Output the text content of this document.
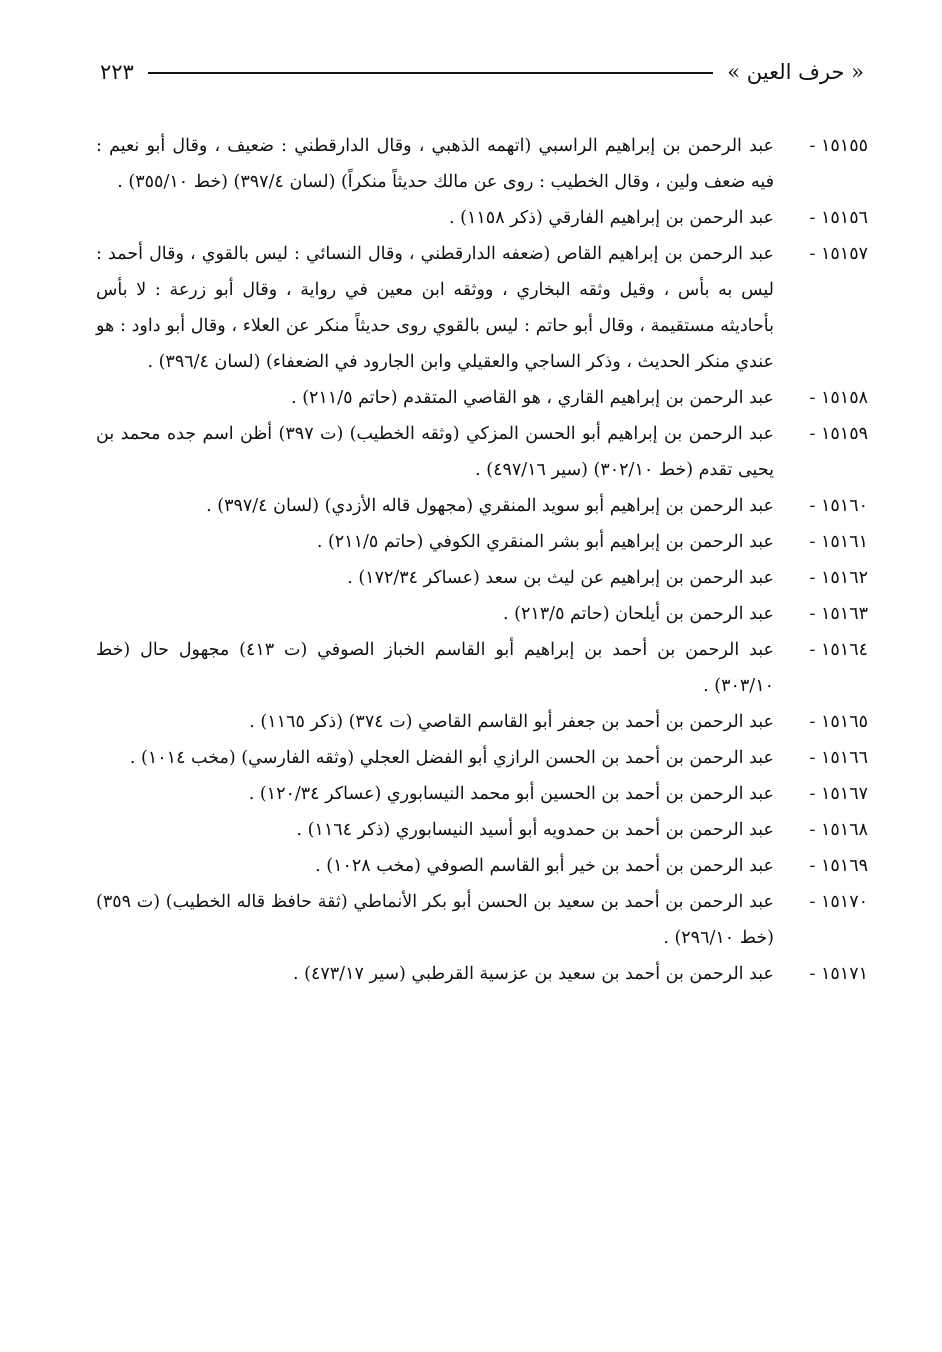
« حرف العين »
٢٢٣
١٥١٥٥ -
عبد الرحمن بن إبراهيم الراسبي (اتهمه الذهبي ، وقال الدارقطني : ضعيف ، وقال أبو نعيم : فيه ضعف ولين ، وقال الخطيب : روى عن مالك حديثاً منكراً) (لسان ٣٩٧/٤) (خط ٣٥٥/١٠) .
١٥١٥٦ -
عبد الرحمن بن إبراهيم الفارقي (ذكر ١١٥٨) .
١٥١٥٧ -
عبد الرحمن بن إبراهيم القاص (ضعفه الدارقطني ، وقال النسائي : ليس بالقوي ، وقال أحمد : ليس به بأس ، وقيل وثقه البخاري ، ووثقه ابن معين في رواية ، وقال أبو زرعة : لا بأس بأحاديثه مستقيمة ، وقال أبو حاتم : ليس بالقوي روى حديثاً منكر عن العلاء ، وقال أبو داود : هو عندي منكر الحديث ، وذكر الساجي والعقيلي وابن الجارود في الضعفاء) (لسان ٣٩٦/٤) .
١٥١٥٨ -
عبد الرحمن بن إبراهيم القاري ، هو القاصي المتقدم (حاتم ٢١١/٥) .
١٥١٥٩ -
عبد الرحمن بن إبراهيم أبو الحسن المزكي (وثقه الخطيب) (ت ٣٩٧) أظن اسم جده محمد بن يحيى تقدم (خط ٣٠٢/١٠) (سير ٤٩٧/١٦) .
١٥١٦٠ -
عبد الرحمن بن إبراهيم أبو سويد المنقري (مجهول قاله الأزدي) (لسان ٣٩٧/٤) .
١٥١٦١ -
عبد الرحمن بن إبراهيم أبو بشر المنقري الكوفي (حاتم ٢١١/٥) .
١٥١٦٢ -
عبد الرحمن بن إبراهيم عن ليث بن سعد (عساكر ١٧٢/٣٤) .
١٥١٦٣ -
عبد الرحمن بن أيلحان (حاتم ٢١٣/٥) .
١٥١٦٤ -
عبد الرحمن بن أحمد بن إبراهيم أبو القاسم الخباز الصوفي (ت ٤١٣) مجهول حال (خط ٣٠٣/١٠) .
١٥١٦٥ -
عبد الرحمن بن أحمد بن جعفر أبو القاسم القاصي (ت ٣٧٤) (ذكر ١١٦٥) .
١٥١٦٦ -
عبد الرحمن بن أحمد بن الحسن الرازي أبو الفضل العجلي (وثقه الفارسي) (مخب ١٠١٤) .
١٥١٦٧ -
عبد الرحمن بن أحمد بن الحسين أبو محمد النيسابوري (عساكر ١٢٠/٣٤) .
١٥١٦٨ -
عبد الرحمن بن أحمد بن حمدويه أبو أسيد النيسابوري (ذكر ١١٦٤) .
١٥١٦٩ -
عبد الرحمن بن أحمد بن خير أبو القاسم الصوفي (مخب ١٠٢٨) .
١٥١٧٠ -
عبد الرحمن بن أحمد بن سعيد بن الحسن أبو بكر الأنماطي (ثقة حافظ قاله الخطيب) (ت ٣٥٩) (خط ٢٩٦/١٠) .
١٥١٧١ -
عبد الرحمن بن أحمد بن سعيد بن عزسية القرطبي (سير ٤٧٣/١٧) .
